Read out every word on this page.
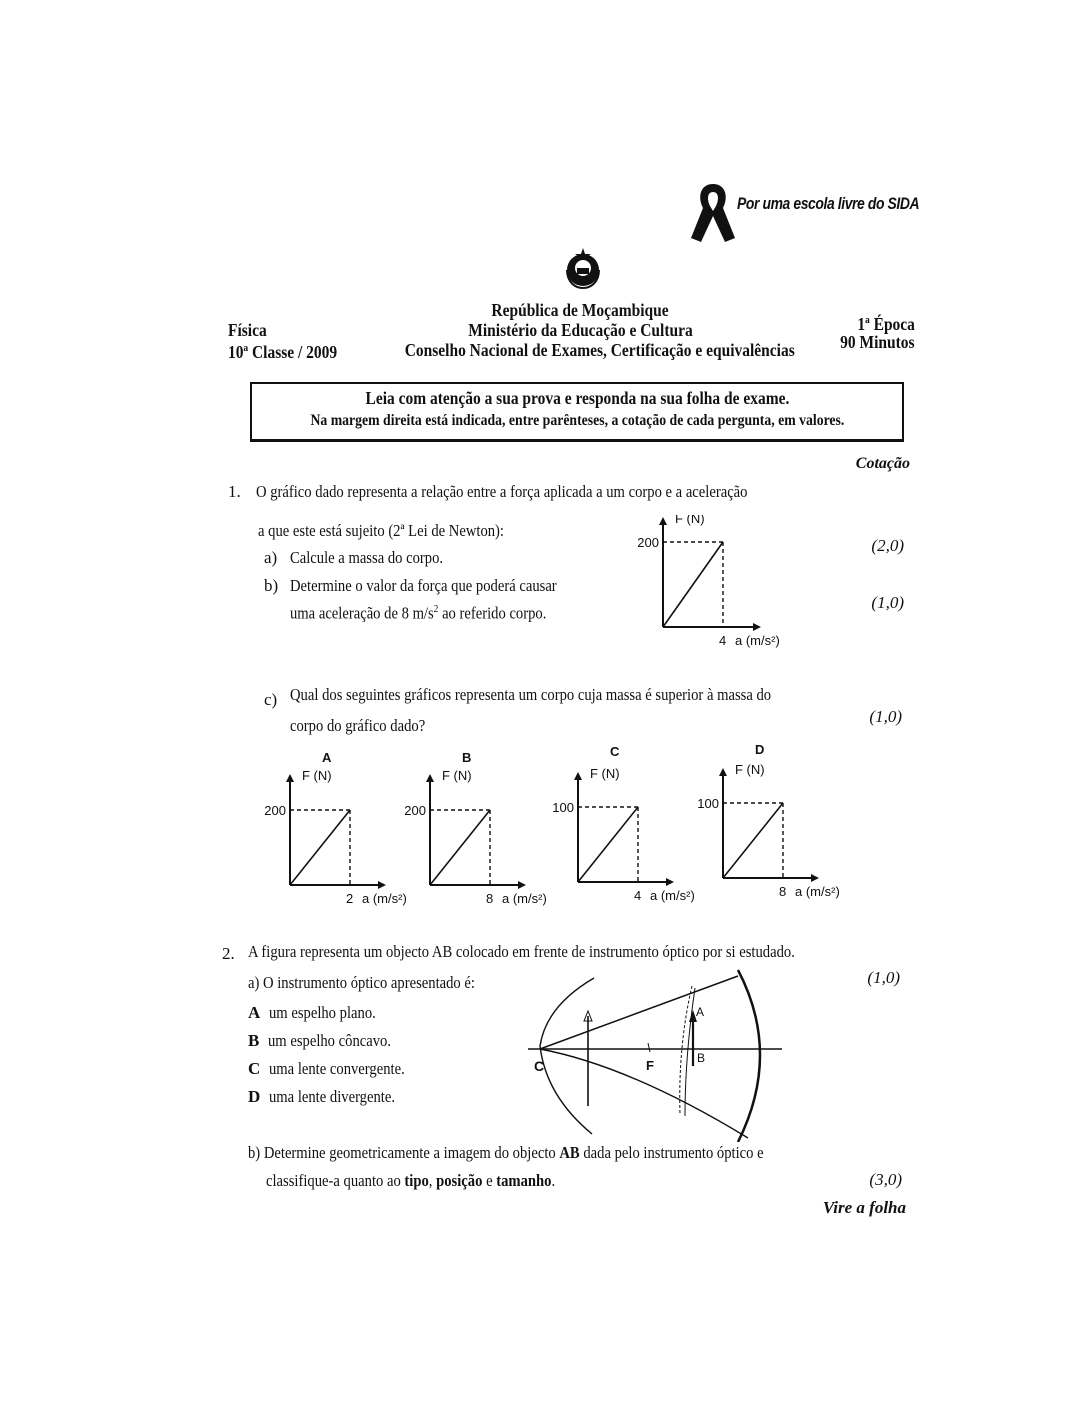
Por uma escola livre do SIDA
República de Moçambique
Ministério da Educação e Cultura
Conselho Nacional de Exames, Certificação e equivalências
Física
10ª Classe / 2009
1ª Época
90 Minutos
Leia com atenção a sua prova e responda na sua folha de exame.
Na margem direita está indicada, entre parênteses, a cotação de cada pergunta, em valores.
Cotação
1. O gráfico dado representa a relação entre a força aplicada a um corpo e a aceleração
a que este está sujeito (2ª Lei de Newton):
a) Calcule a massa do corpo.
(2,0)
b) Determine o valor da força que poderá causar
uma aceleração de 8 $m/s^2$ ao referido corpo.
(1,0)
F (N)
200
4 a (m/s²)
c) Qual dos seguintes gráficos representa um corpo cuja massa é superior à massa do
corpo do gráfico dado?	(1,0)
F (N)
200
2 a (m/s²)
A
F (N)
200
8 a (m/s²)
B
F (N)
100
4 a (m/s²)
C
F (N)
100
8 a (m/s²)
D
2. A figura representa um objecto AB colocado em frente de instrumento óptico por si estudado.
a) O instrumento óptico apresentado é:	(1,0)
A um espelho plano.
B um espelho côncavo.
C uma lente convergente.
D uma lente divergente.
C	F
A
B
b) Determine geometricamente a imagem do objecto AB dada pelo instrumento óptico e
classifique-a quanto ao tipo, posição e tamanho.	(3,0)
Vire a folha
